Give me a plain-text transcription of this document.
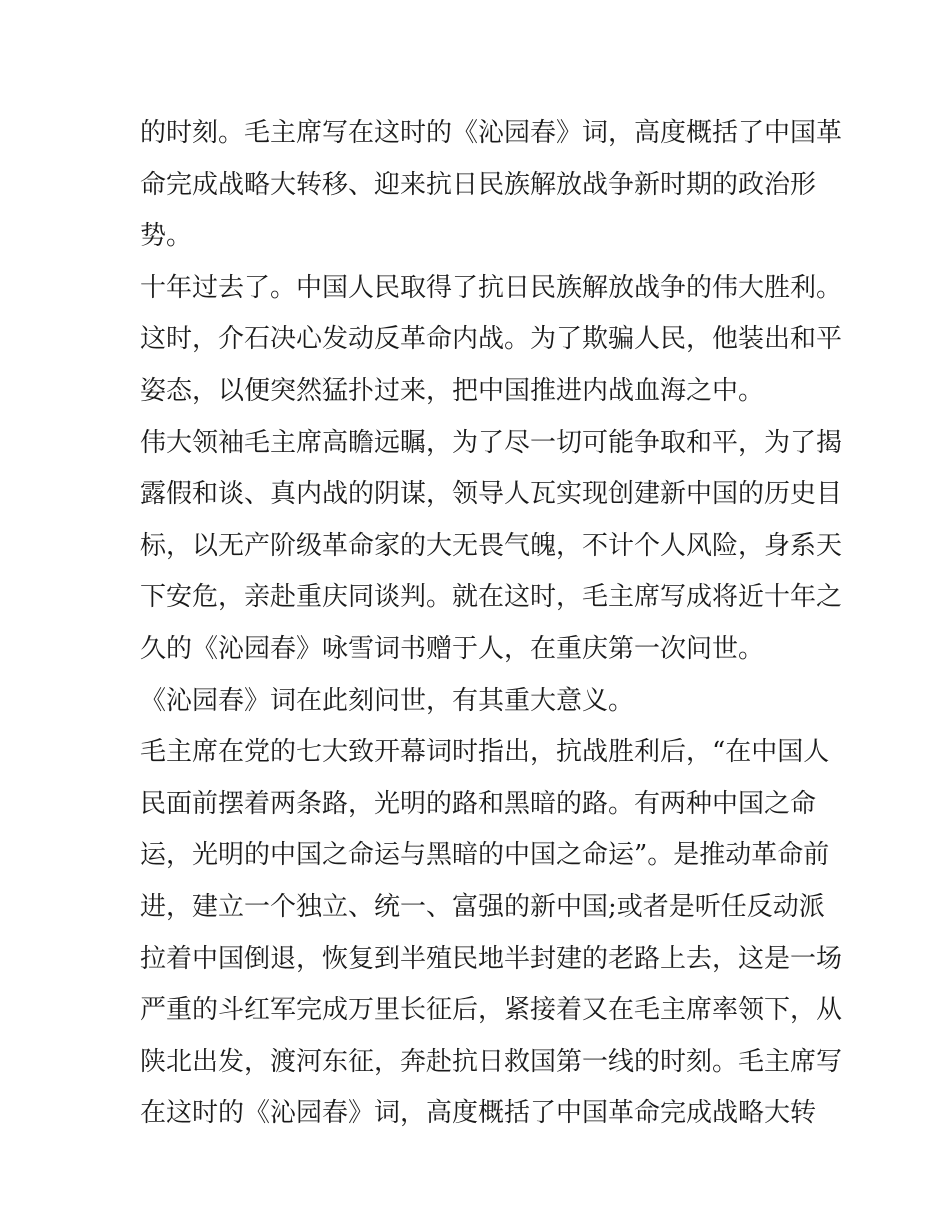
的时刻。毛主席写在这时的《沁园春》词，高度概括了中国革
命完成战略大转移、迎来抗日民族解放战争新时期的政治形
势。
十年过去了。中国人民取得了抗日民族解放战争的伟大胜利。
这时，介石决心发动反革命内战。为了欺骗人民，他装出和平
姿态，以便突然猛扑过来，把中国推进内战血海之中。
伟大领袖毛主席高瞻远瞩，为了尽一切可能争取和平，为了揭
露假和谈、真内战的阴谋，领导人瓦实现创建新中国的历史目
标，以无产阶级革命家的大无畏气魄，不计个人风险，身系天
下安危，亲赴重庆同谈判。就在这时，毛主席写成将近十年之
久的《沁园春》咏雪词书赠于人，在重庆第一次问世。
《沁园春》词在此刻问世，有其重大意义。
毛主席在党的七大致开幕词时指出，抗战胜利后，“在中国人
民面前摆着两条路，光明的路和黑暗的路。有两种中国之命
运，光明的中国之命运与黑暗的中国之命运”。是推动革命前
进，建立一个独立、统一、富强的新中国;或者是听任反动派
拉着中国倒退，恢复到半殖民地半封建的老路上去，这是一场
严重的斗红军完成万里长征后，紧接着又在毛主席率领下，从
陕北出发，渡河东征，奔赴抗日救国第一线的时刻。毛主席写
在这时的《沁园春》词，高度概括了中国革命完成战略大转
